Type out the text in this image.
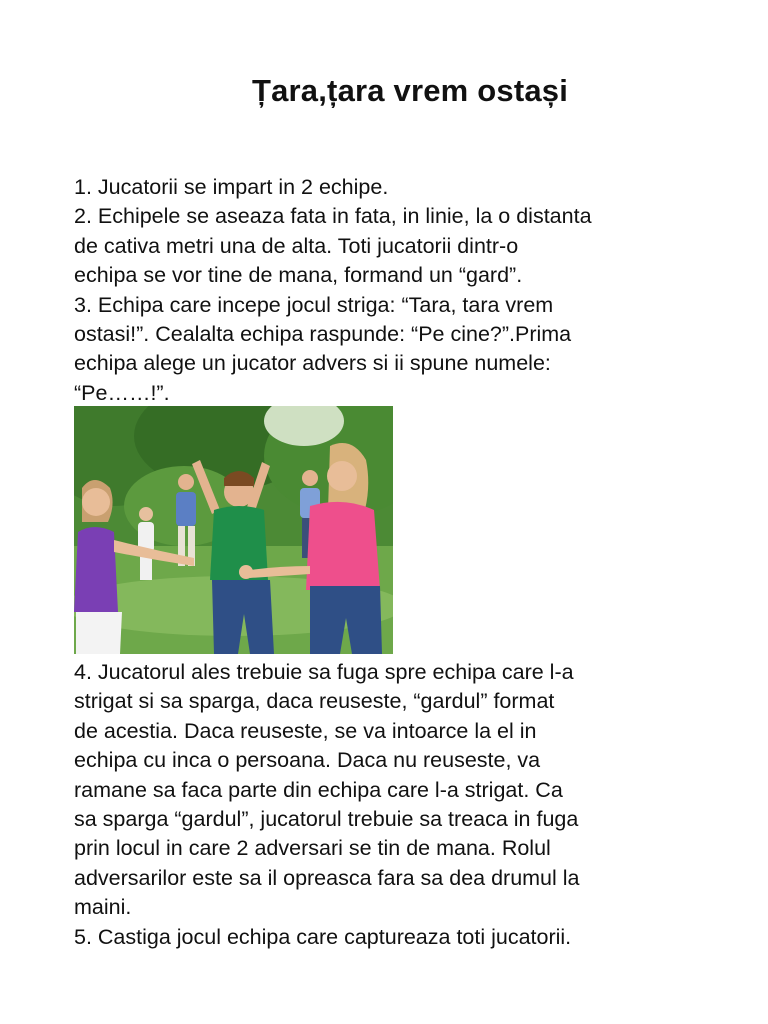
Țara,țara vrem ostași
1. Jucatorii se impart in 2 echipe.
2. Echipele se aseaza fata in fata, in linie, la o distanta
de cativa metri una de alta. Toti jucatorii dintr-o
echipa se vor tine de mana, formand un “gard”.
3. Echipa care incepe jocul striga: “Tara, tara vrem
ostasi!”. Cealalta echipa raspunde: “Pe cine?”.Prima
echipa alege un jucator advers si ii spune numele:
“Pe……!”.
4. Jucatorul ales trebuie sa fuga spre echipa care l-a
strigat si sa sparga, daca reuseste, “gardul” format
de acestia. Daca reuseste, se va intoarce la el in
echipa cu inca o persoana. Daca nu reuseste, va
ramane sa faca parte din echipa care l-a strigat. Ca
sa sparga “gardul”, jucatorul trebuie sa treaca in fuga
prin locul in care 2 adversari se tin de mana. Rolul
adversarilor este sa il opreasca fara sa dea drumul la
maini.
5. Castiga jocul echipa care captureaza toti jucatorii.
